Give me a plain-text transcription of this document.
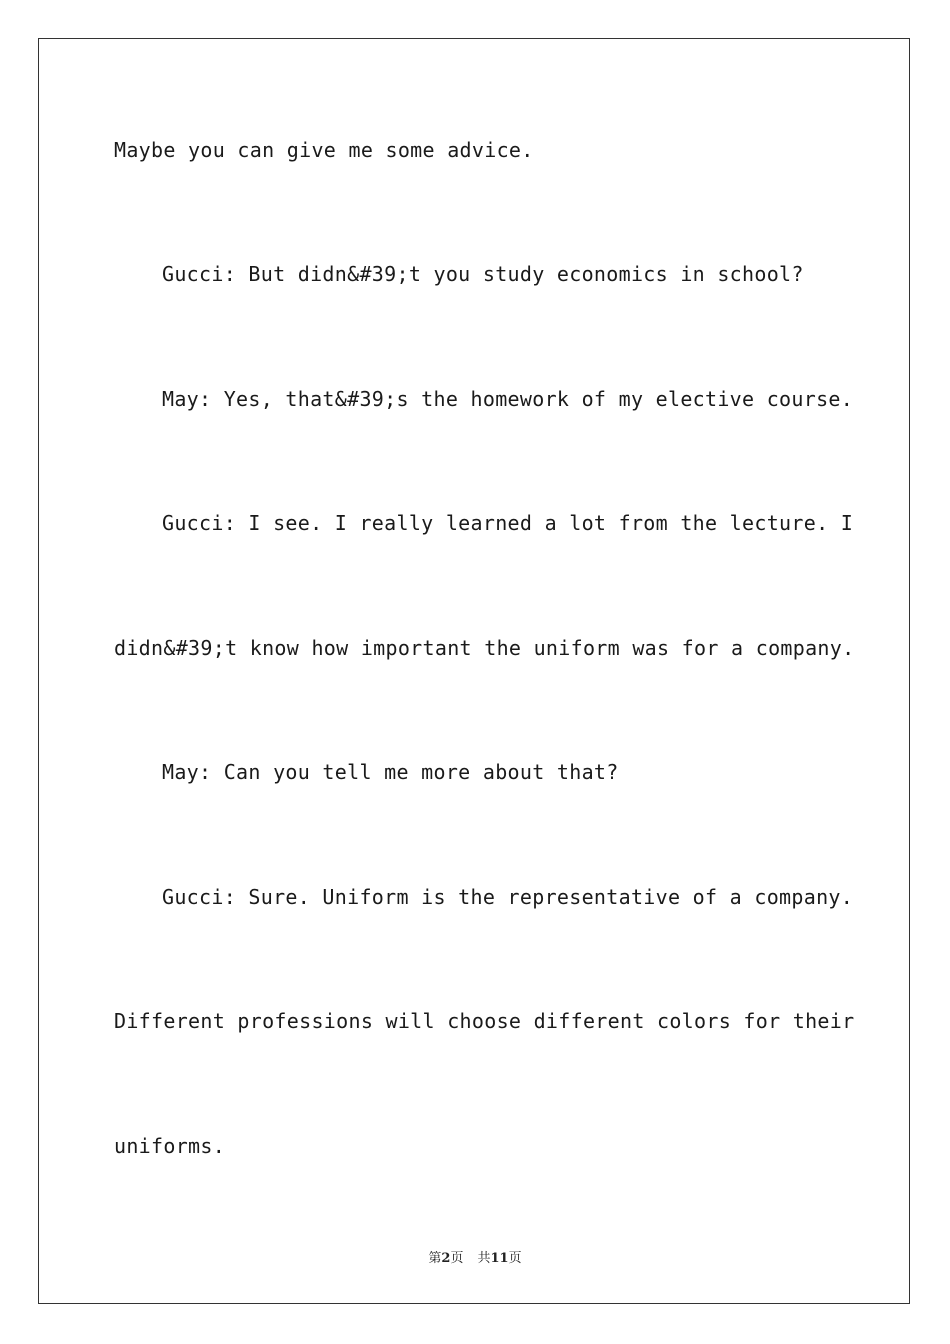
Maybe you can give me some advice.
Gucci: But didn&#39;t you study economics in school?
May: Yes, that&#39;s the homework of my elective course.
Gucci: I see. I really learned a lot from the lecture. I
didn&#39;t know how important the uniform was for a company.
May: Can you tell me more about that?
Gucci: Sure. Uniform is the representative of a company.
Different professions will choose different colors for their
uniforms.
第2页 共11页
